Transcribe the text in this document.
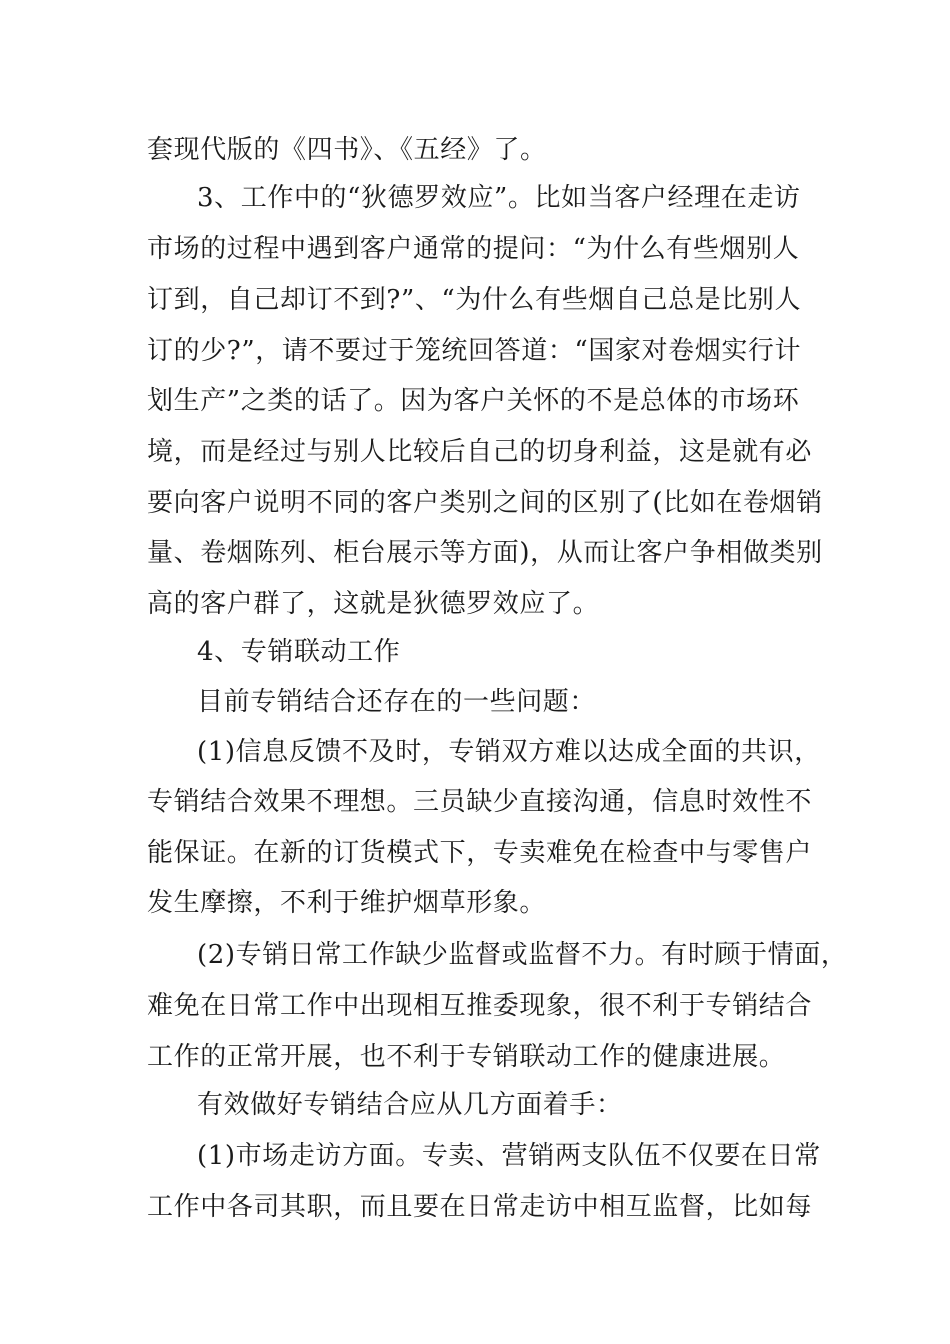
套现代版的《四书》、《五经》了。
3、工作中的“狄德罗效应”。比如当客户经理在走访
市场的过程中遇到客户通常的提问：“为什么有些烟别人
订到，自己却订不到?”、“为什么有些烟自己总是比别人
订的少?”，请不要过于笼统回答道：“国家对卷烟实行计
划生产”之类的话了。因为客户关怀的不是总体的市场环
境，而是经过与别人比较后自己的切身利益，这是就有必
要向客户说明不同的客户类别之间的区别了(比如在卷烟销
量、卷烟陈列、柜台展示等方面)，从而让客户争相做类别
高的客户群了，这就是狄德罗效应了。
4、专销联动工作
目前专销结合还存在的一些问题：
(1)信息反馈不及时，专销双方难以达成全面的共识，
专销结合效果不理想。三员缺少直接沟通，信息时效性不
能保证。在新的订货模式下，专卖难免在检查中与零售户
发生摩擦，不利于维护烟草形象。
(2)专销日常工作缺少监督或监督不力。有时顾于情面，
难免在日常工作中出现相互推委现象，很不利于专销结合
工作的正常开展，也不利于专销联动工作的健康进展。
有效做好专销结合应从几方面着手：
(1)市场走访方面。专卖、营销两支队伍不仅要在日常
工作中各司其职，而且要在日常走访中相互监督，比如每
